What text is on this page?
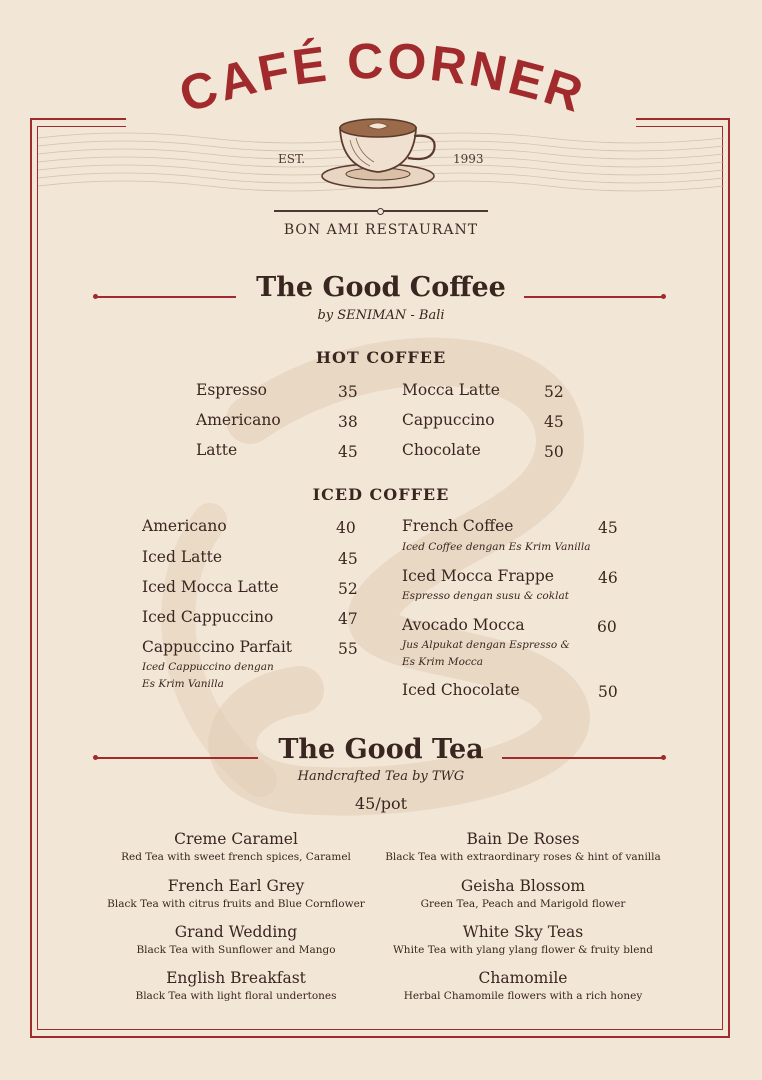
CAFÉ CORNER
EST.	1993
BON AMI RESTAURANT
The Good Coffee
by SENIMAN - Bali
HOT COFFEE
Espresso	35
Americano	38
Latte	45
Mocca Latte	52
Cappuccino	45
Chocolate	50
ICED COFFEE
Americano	40
Iced Latte	45
Iced Mocca Latte	52
Iced Cappuccino	47
Cappuccino Parfait	55
Iced Cappuccino dengan
Es Krim Vanilla
French Coffee	45
Iced Coffee dengan Es Krim Vanilla
Iced Mocca Frappe	46
Espresso dengan susu & coklat
Avocado Mocca	60
Jus Alpukat dengan Espresso &
Es Krim Mocca
Iced Chocolate	50
The Good Tea
Handcrafted Tea by TWG
45/pot
Creme Caramel
Red Tea with sweet french spices, Caramel
French Earl Grey
Black Tea with citrus fruits and Blue Cornflower
Grand Wedding
Black Tea with Sunflower and Mango
English Breakfast
Black Tea with light floral undertones
Bain De Roses
Black Tea with extraordinary roses & hint of vanilla
Geisha Blossom
Green Tea, Peach and Marigold flower
White Sky Teas
White Tea with ylang ylang flower & fruity blend
Chamomile
Herbal Chamomile flowers with a rich honey
